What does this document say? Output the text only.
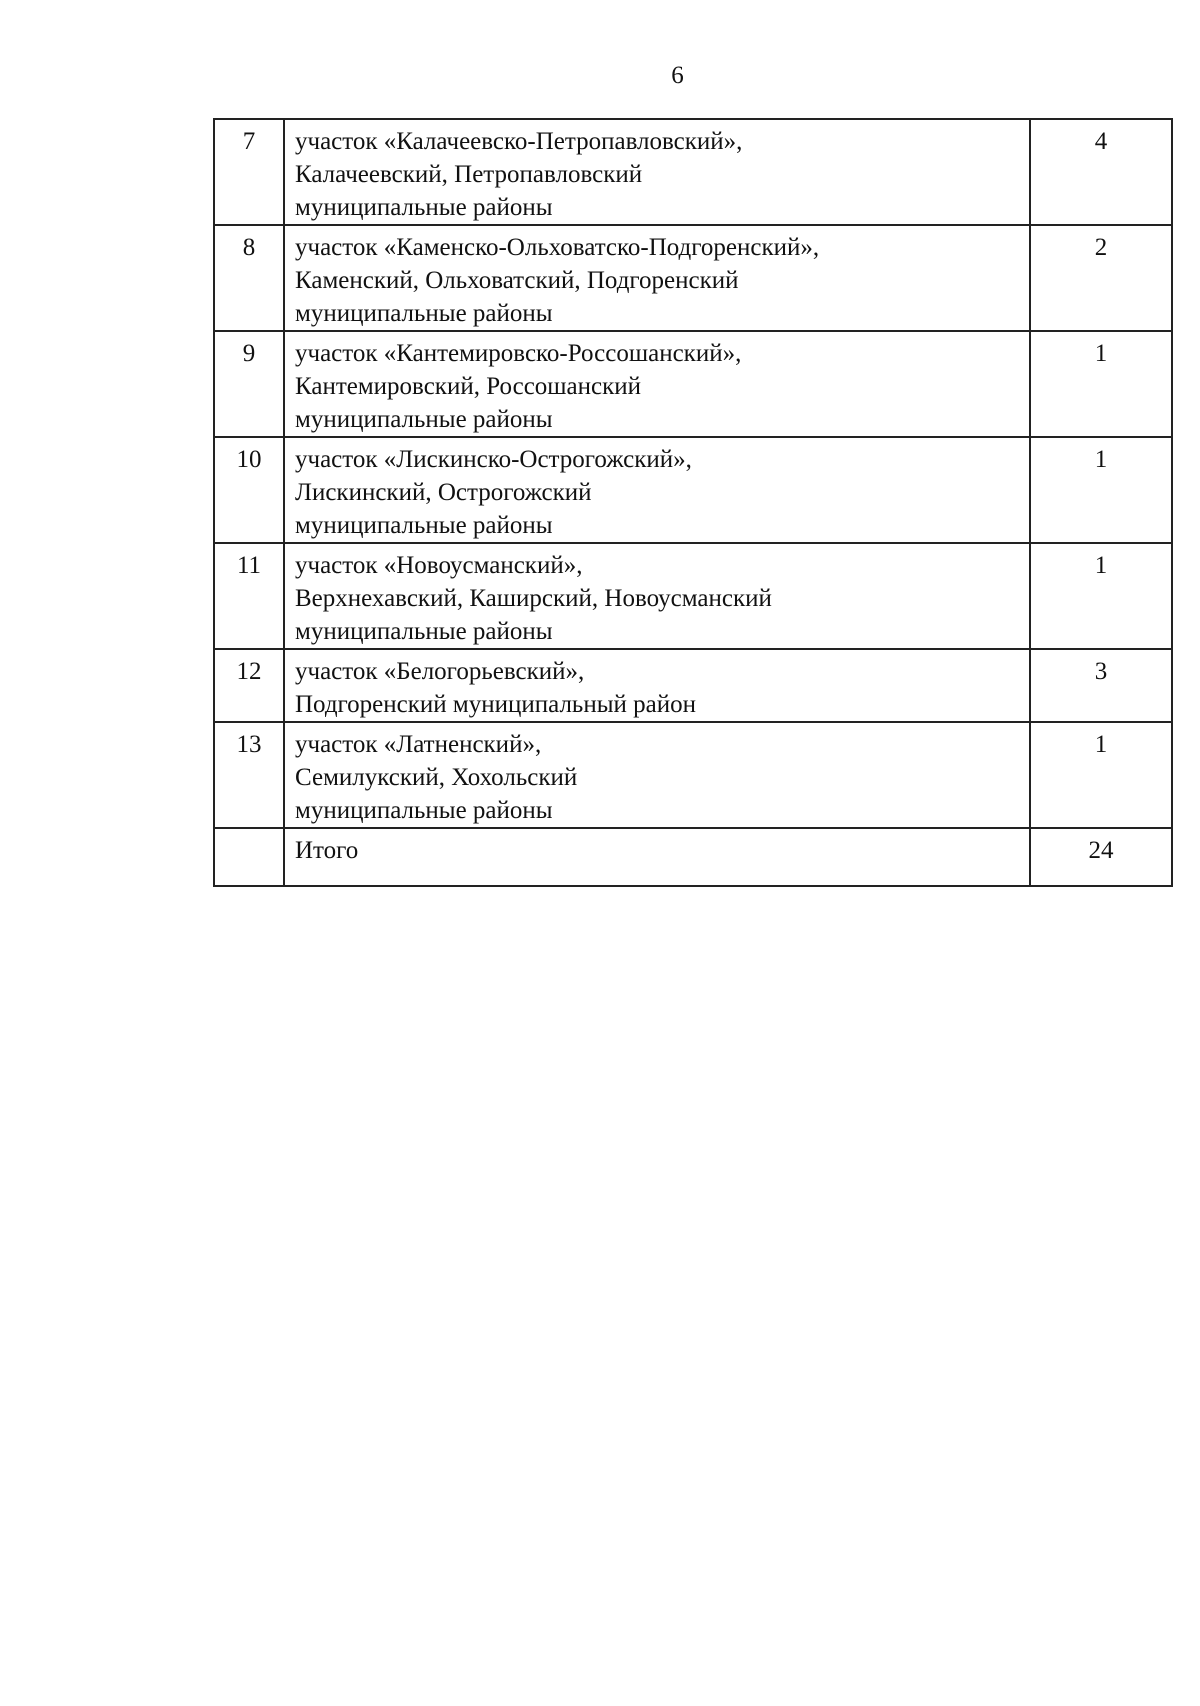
6
7	участок «Калачеевско-Петропавловский»,
Калачеевский, Петропавловский
муниципальные районы	4
8	участок «Каменско-Ольховатско-Подгоренский»,
Каменский, Ольховатский, Подгоренский
муниципальные районы	2
9	участок «Кантемировско-Россошанский»,
Кантемировский, Россошанский
муниципальные районы	1
10	участок «Лискинско-Острогожский»,
Лискинский, Острогожский
муниципальные районы	1
11	участок «Новоусманский»,
Верхнехавский, Каширский, Новоусманский
муниципальные районы	1
12	участок «Белогорьевский»,
Подгоренский муниципальный район	3
13	участок «Латненский»,
Семилукский, Хохольский
муниципальные районы	1
	Итого	24
